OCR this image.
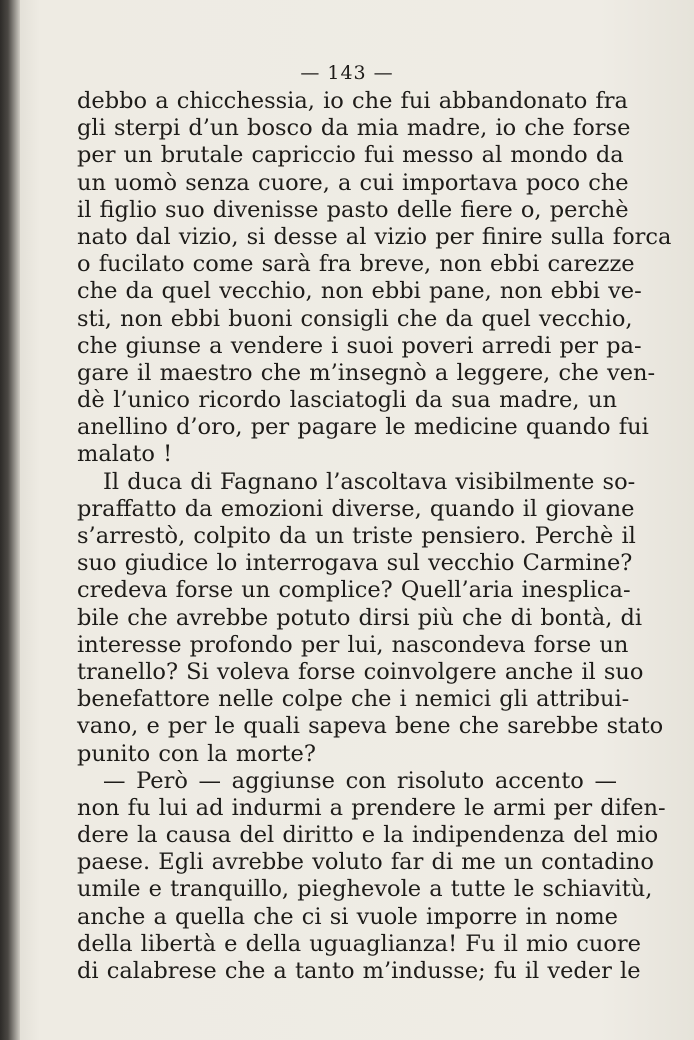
— 143 —
debbo a chicchessia, io che fui abbandonato fra
gli sterpi d’un bosco da mia madre, io che forse
per un brutale capriccio fui messo al mondo da
un uomò senza cuore, a cui importava poco che
il figlio suo divenisse pasto delle fiere o, perchè
nato dal vizio, si desse al vizio per finire sulla forca
o fucilato come sarà fra breve, non ebbi carezze
che da quel vecchio, non ebbi pane, non ebbi ve-
sti, non ebbi buoni consigli che da quel vecchio,
che giunse a vendere i suoi poveri arredi per pa-
gare il maestro che m’insegnò a leggere, che ven-
dè l’unico ricordo lasciatogli da sua madre, un
anellino d’oro, per pagare le medicine quando fui
malato !
Il duca di Fagnano l’ascoltava visibilmente so-
praffatto da emozioni diverse, quando il giovane
s’arrestò, colpito da un triste pensiero. Perchè il
suo giudice lo interrogava sul vecchio Carmine?
credeva forse un complice? Quell’aria inesplica-
bile che avrebbe potuto dirsi più che di bontà, di
interesse profondo per lui, nascondeva forse un
tranello? Si voleva forse coinvolgere anche il suo
benefattore nelle colpe che i nemici gli attribui-
vano, e per le quali sapeva bene che sarebbe stato
punito con la morte?
— Però — aggiunse con risoluto accento —
non fu lui ad indurmi a prendere le armi per difen-
dere la causa del diritto e la indipendenza del mio
paese. Egli avrebbe voluto far di me un contadino
umile e tranquillo, pieghevole a tutte le schiavitù,
anche a quella che ci si vuole imporre in nome
della libertà e della uguaglianza! Fu il mio cuore
di calabrese che a tanto m’indusse; fu il veder le
